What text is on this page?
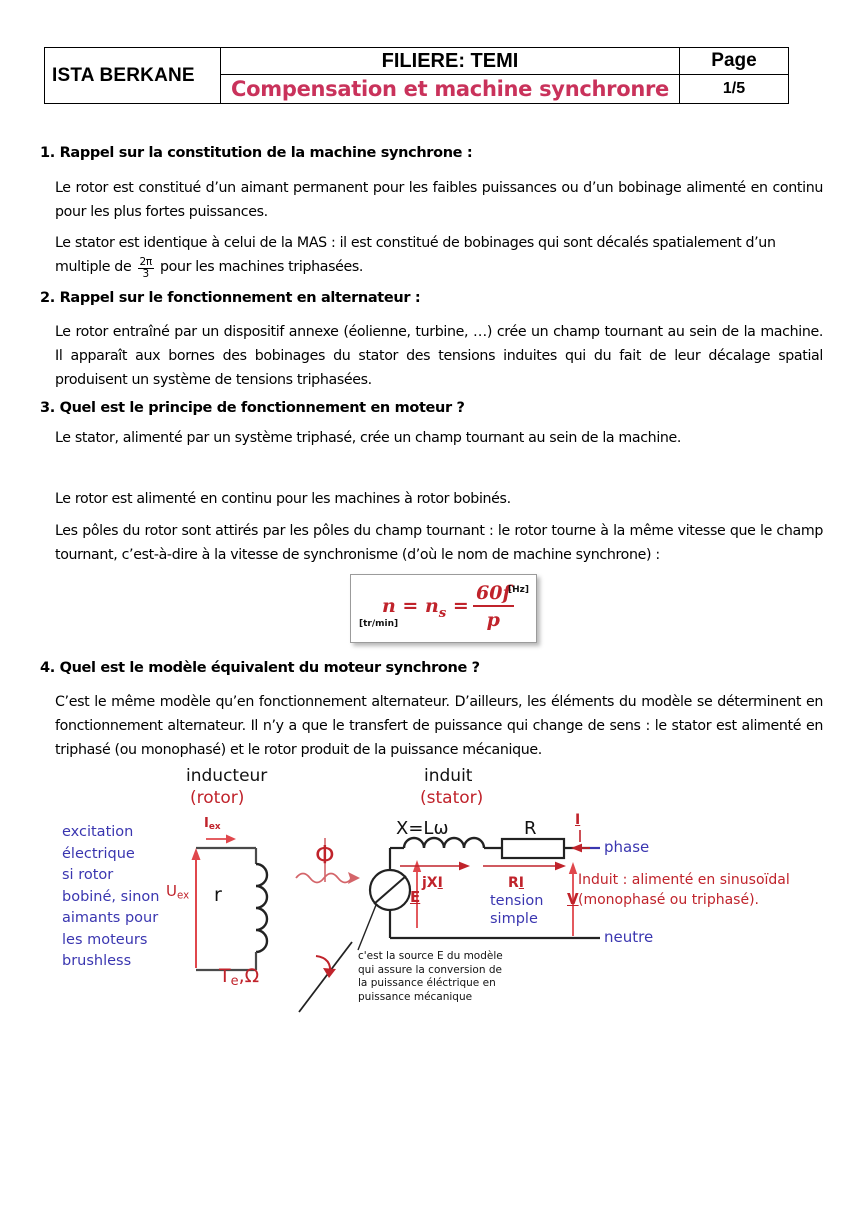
ISTA BERKANE	FILIERE: TEMI	Page
	Compensation et machine synchronre	1/5
1. Rappel sur la constitution de la machine synchrone :
Le rotor est constitué d’un aimant permanent pour les faibles puissances ou d’un bobinage alimenté en continu pour les plus fortes puissances.
Le stator est identique à celui de la MAS : il est constitué de bobinages qui sont décalés spatialement d’un multiple de $\frac{2\pi}{3}$ pour les machines triphasées.
2. Rappel sur le fonctionnement en alternateur :
Le rotor entraîné par un dispositif annexe (éolienne, turbine, …) crée un champ tournant au sein de la machine. Il apparaît aux bornes des bobinages du stator des tensions induites qui du fait de leur décalage spatial produisent un système de tensions triphasées.
3. Quel est le principe de fonctionnement en moteur ?
Le stator, alimenté par un système triphasé, crée un champ tournant au sein de la machine.
Le rotor est alimenté en continu pour les machines à rotor bobinés.
Les pôles du rotor sont attirés par les pôles du champ tournant : le rotor tourne à la même vitesse que le champ tournant, c’est-à-dire à la vitesse de synchronisme (d’où le nom de machine synchrone) :
$n = n_s = \frac{60f}{p}$
[Hz]
[tr/min]
4. Quel est le modèle équivalent du moteur synchrone ?
C’est le même modèle qu’en fonctionnement alternateur. D’ailleurs, les éléments du modèle se déterminent en fonctionnement alternateur. Il n’y a que le transfert de puissance qui change de sens : le stator est alimenté en triphasé (ou monophasé) et le rotor produit de la puissance mécanique.
inducteur
(rotor)
induit
(stator)
excitation
électrique
si rotor
bobiné, sinon
aimants pour
les moteurs
brushless
$I_{ex}$
$U_{ex}$ r
Φ
$T_e,\Omega$
X=Lω	R	I
E
jXI	RI
tension
simple
V
phase
neutre
Induit : alimenté en sinusoïdal
(monophasé ou triphasé).
c'est la source E du modèle
qui assure la conversion de
la puissance éléctrique en
puissance mécanique
